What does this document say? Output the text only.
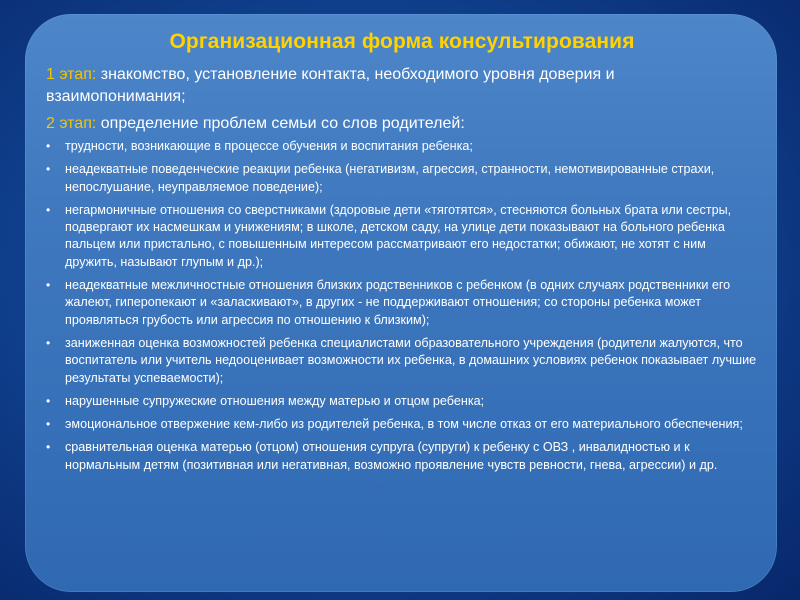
Организационная форма консультирования

1 этап: знакомство, установление контакта, необходимого уровня доверия и взаимопонимания;

2 этап: определение проблем семьи со слов родителей:

• трудности, возникающие в процессе обучения и воспитания ребенка;
• неадекватные поведенческие реакции ребенка (негативизм, агрессия, странности, немотивированные страхи, непослушание, неуправляемое поведение);
• негармоничные отношения со сверстниками (здоровые дети «тяготятся», стесняются больных брата или сестры, подвергают их насмешкам и унижениям; в школе, детском саду, на улице дети показывают на больного ребенка пальцем или пристально, с повышенным интересом рассматривают его недостатки; обижают, не хотят с ним дружить, называют глупым и др.);
• неадекватные межличностные отношения близких родственников с ребенком (в одних случаях родственники его жалеют, гиперопекают и «заласкивают», в других - не поддерживают отношения; со стороны ребенка может проявляться грубость или агрессия по отношению к близким);
• заниженная оценка возможностей ребенка специалистами образовательного учреждения (родители жалуются, что воспитатель или учитель недооценивает возможности их ребенка, в домашних условиях ребенок показывает лучшие результаты успеваемости);
• нарушенные супружеские отношения между матерью и отцом ребенка;
• эмоциональное отвержение кем-либо из родителей ребенка, в том числе отказ от его материального обеспечения;
• сравнительная оценка матерью (отцом) отношения супруга (супруги) к ребенку с ОВЗ , инвалидностью и к нормальным детям (позитивная или негативная, возможно проявление чувств ревности, гнева, агрессии) и др.
